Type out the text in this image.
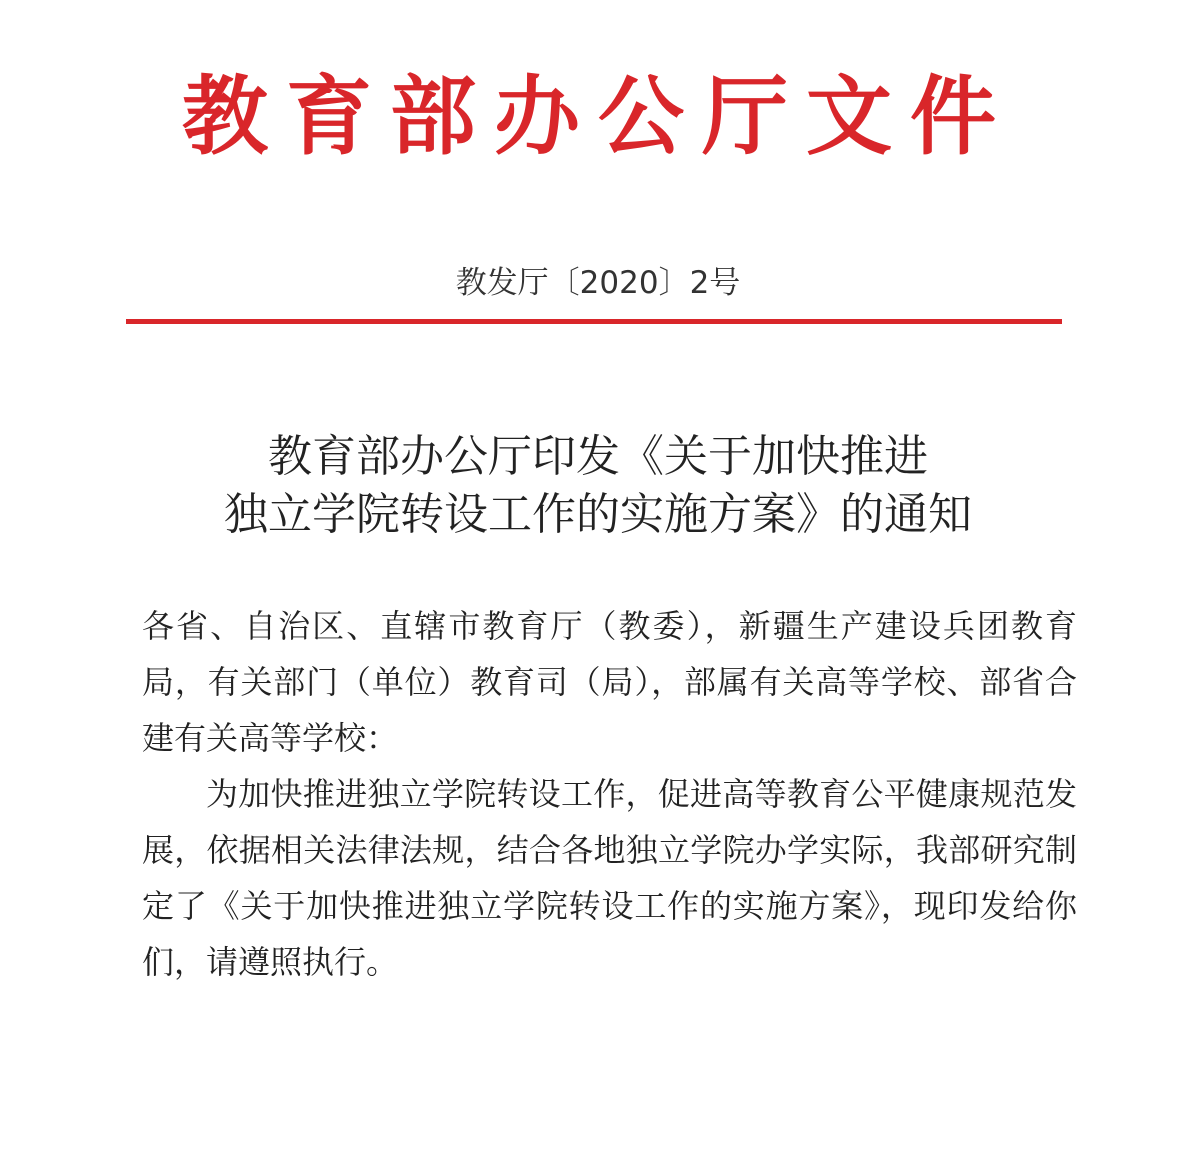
教育部办公厅文件
教发厅〔2020〕2号
教育部办公厅印发《关于加快推进
独立学院转设工作的实施方案》的通知

各省、自治区、直辖市教育厅（教委），新疆生产建设兵团教育局，有关部门（单位）教育司（局），部属有关高等学校、部省合建有关高等学校：

为加快推进独立学院转设工作，促进高等教育公平健康规范发展，依据相关法律法规，结合各地独立学院办学实际，我部研究制定了《关于加快推进独立学院转设工作的实施方案》，现印发给你们，请遵照执行。
